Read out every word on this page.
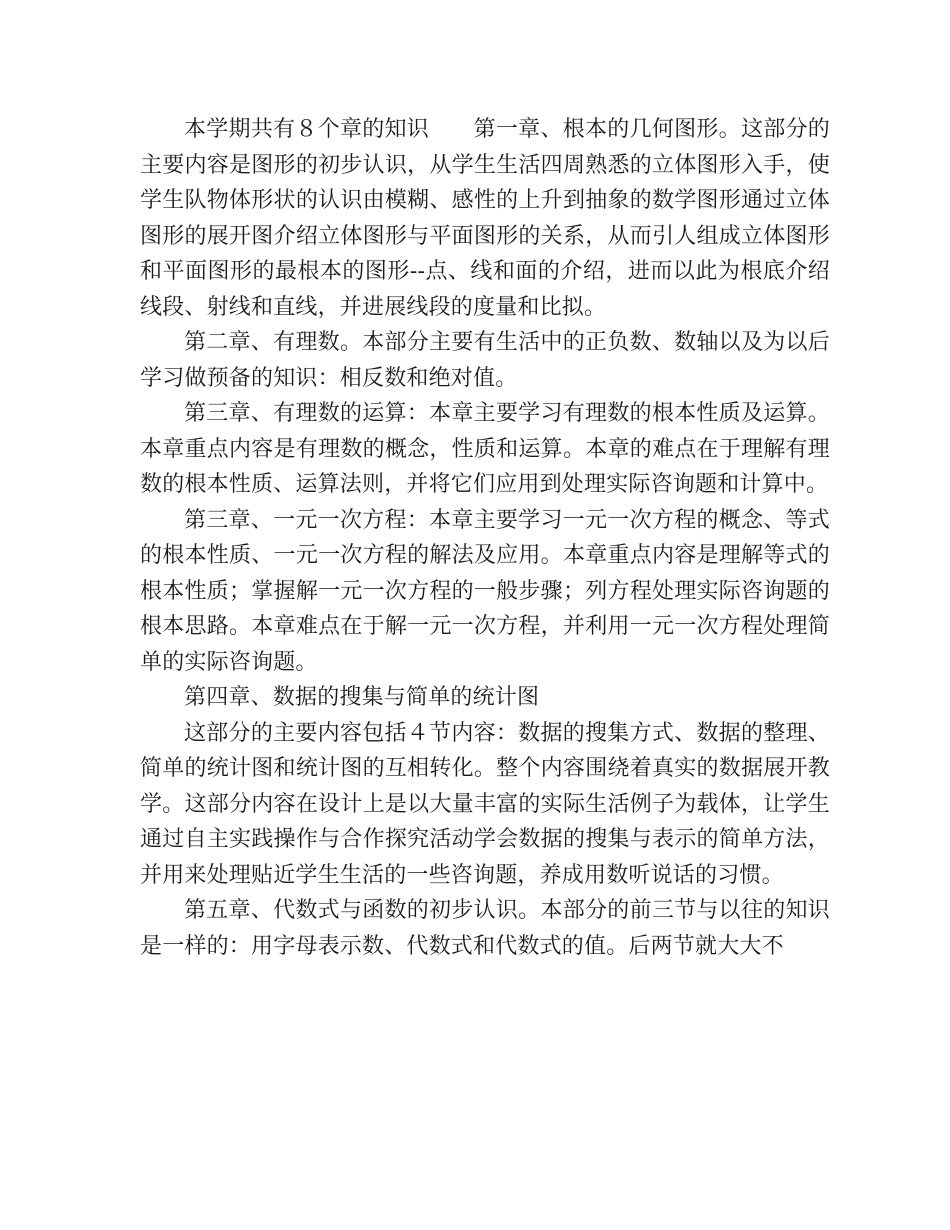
本学期共有８个章的知识　　第一章、根本的几何图形。这部分的主要内容是图形的初步认识，从学生生活四周熟悉的立体图形入手，使学生队物体形状的认识由模糊、感性的上升到抽象的数学图形通过立体图形的展开图介绍立体图形与平面图形的关系，从而引人组成立体图形和平面图形的最根本的图形--点、线和面的介绍，进而以此为根底介绍线段、射线和直线，并进展线段的度量和比拟。

第二章、有理数。本部分主要有生活中的正负数、数轴以及为以后学习做预备的知识：相反数和绝对值。

第三章、有理数的运算：本章主要学习有理数的根本性质及运算。本章重点内容是有理数的概念，性质和运算。本章的难点在于理解有理数的根本性质、运算法则，并将它们应用到处理实际咨询题和计算中。

第三章、一元一次方程：本章主要学习一元一次方程的概念、等式的根本性质、一元一次方程的解法及应用。本章重点内容是理解等式的根本性质；掌握解一元一次方程的一般步骤；列方程处理实际咨询题的根本思路。本章难点在于解一元一次方程，并利用一元一次方程处理简单的实际咨询题。

第四章、数据的搜集与简单的统计图

这部分的主要内容包括４节内容：数据的搜集方式、数据的整理、简单的统计图和统计图的互相转化。整个内容围绕着真实的数据展开教学。这部分内容在设计上是以大量丰富的实际生活例子为载体，让学生通过自主实践操作与合作探究活动学会数据的搜集与表示的简单方法，并用来处理贴近学生生活的一些咨询题，养成用数听说话的习惯。

第五章、代数式与函数的初步认识。本部分的前三节与以往的知识是一样的：用字母表示数、代数式和代数式的值。后两节就大大不
